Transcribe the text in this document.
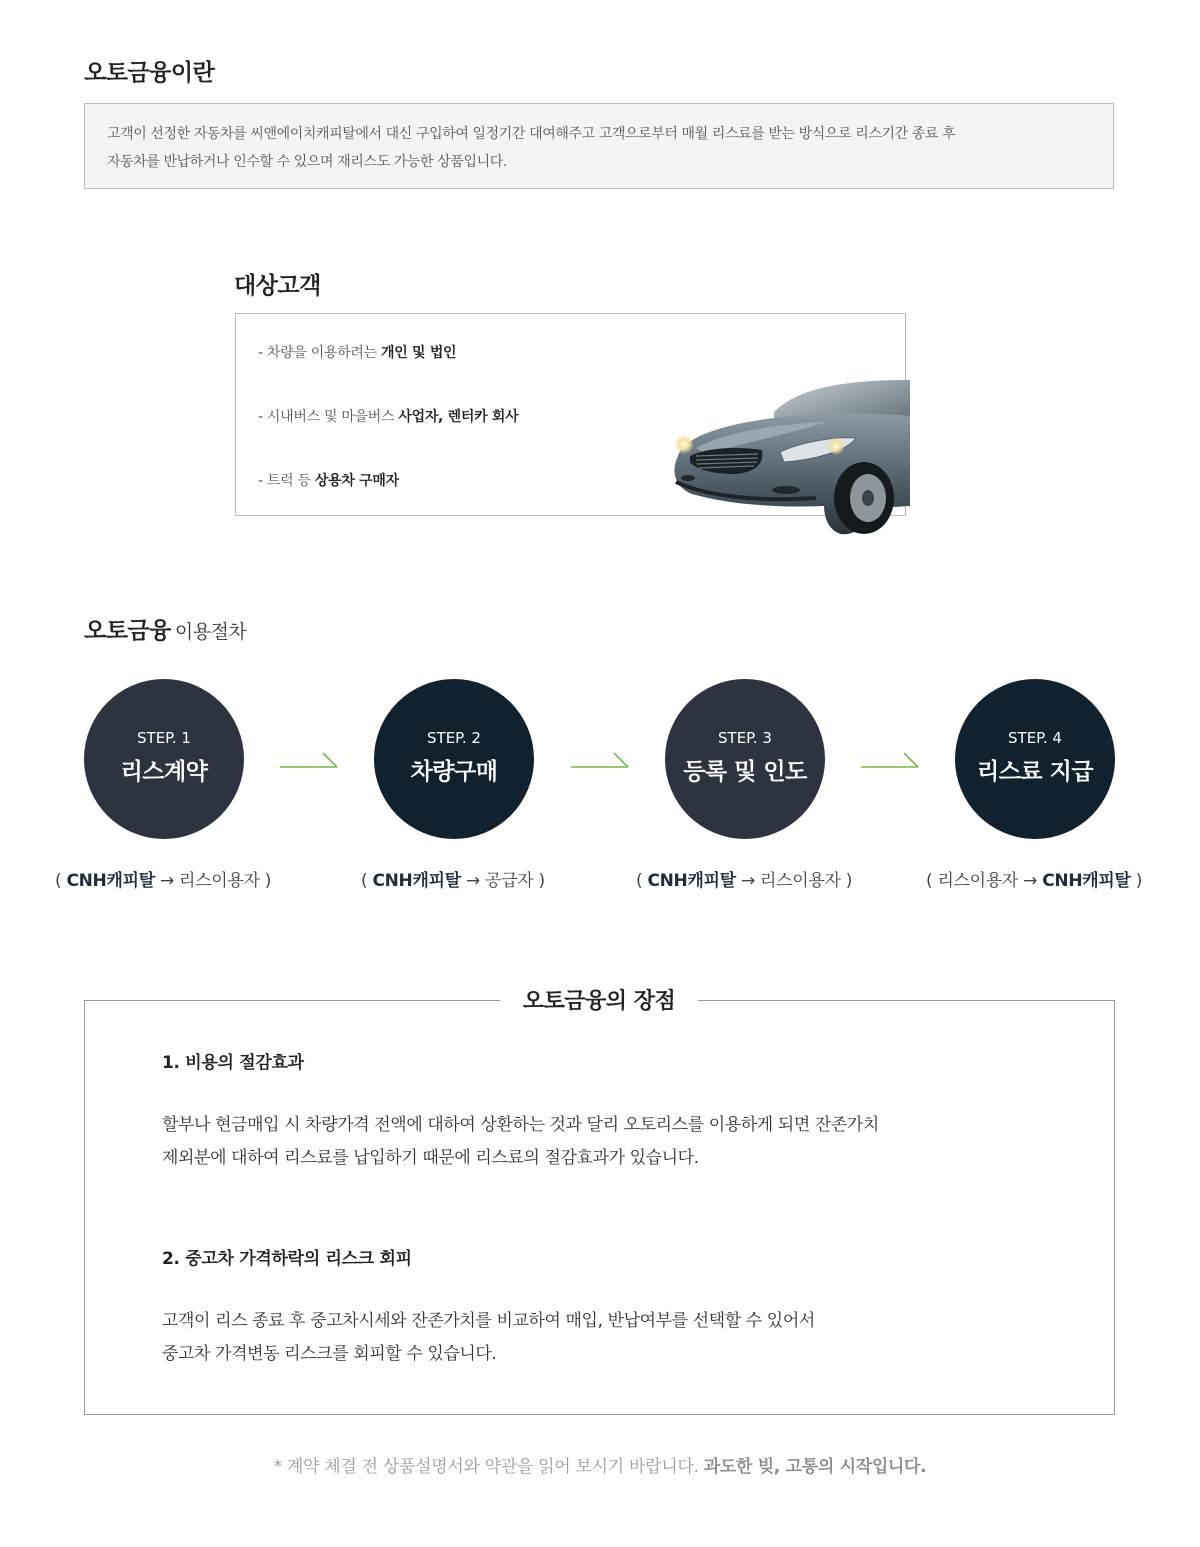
오토금융이란

고객이 선정한 자동차를 씨앤에이치캐피탈에서 대신 구입하여 일정기간 대여해주고 고객으로부터 매월 리스료를 받는 방식으로 리스기간 종료 후

자동차를 반납하거나 인수할 수 있으며 재리스도 가능한 상품입니다.

대상고객
- 차량을 이용하려는 개인 및 법인
- 시내버스 및 마을버스 사업자, 렌터카 회사
- 트럭 등 상용차 구매자
오토금융 이용절차
STEP. 1
리스계약
STEP. 2
차량구매
STEP. 3
등록 및 인도
STEP. 4
리스료 지급
( CNH캐피탈 → 리스이용자 )	( CNH캐피탈 → 공급자 )	( CNH캐피탈 → 리스이용자 )	( 리스이용자 → CNH캐피탈 )
오토금융의 장점
1. 비용의 절감효과

할부나 현금매입 시 차량가격 전액에 대하여 상환하는 것과 달리 오토리스를 이용하게 되면 잔존가치
제외분에 대하여 리스료를 납입하기 때문에 리스료의 절감효과가 있습니다.

2. 중고차 가격하락의 리스크 회피

고객이 리스 종료 후 중고차시세와 잔존가치를 비교하여 매입, 반납여부를 선택할 수 있어서
중고차 가격변동 리스크를 회피할 수 있습니다.

* 계약 체결 전 상품설명서와 약관을 읽어 보시기 바랍니다. 과도한 빚, 고통의 시작입니다.
